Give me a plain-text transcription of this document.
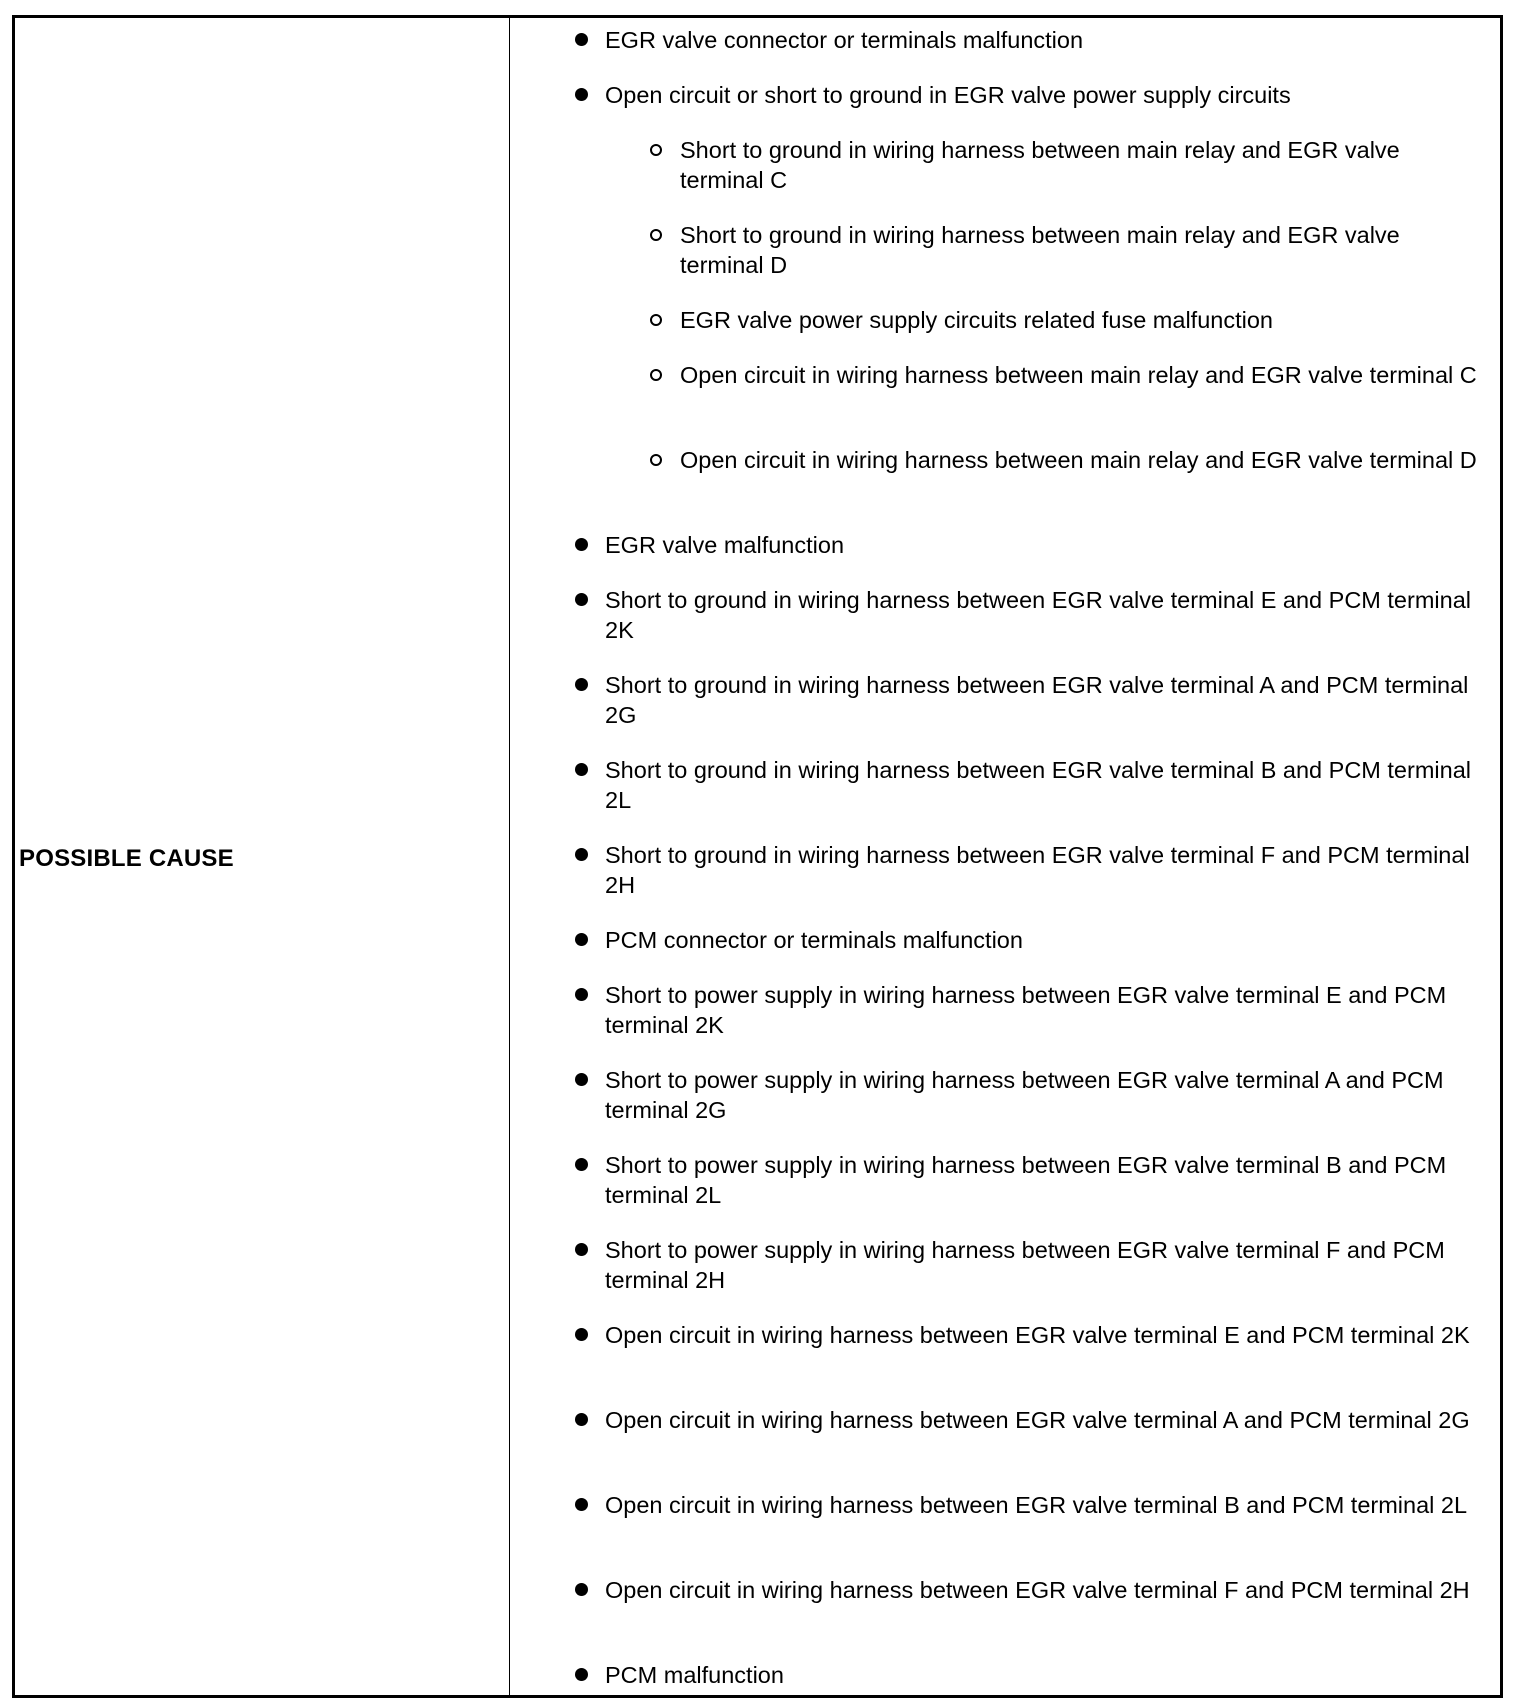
POSSIBLE CAUSE
EGR valve connector or terminals malfunction
Open circuit or short to ground in EGR valve power supply circuits
Short to ground in wiring harness between main relay and EGR valve terminal C
Short to ground in wiring harness between main relay and EGR valve terminal D
EGR valve power supply circuits related fuse malfunction
Open circuit in wiring harness between main relay and EGR valve terminal C
Open circuit in wiring harness between main relay and EGR valve terminal D
EGR valve malfunction
Short to ground in wiring harness between EGR valve terminal E and PCM terminal 2K
Short to ground in wiring harness between EGR valve terminal A and PCM terminal 2G
Short to ground in wiring harness between EGR valve terminal B and PCM terminal 2L
Short to ground in wiring harness between EGR valve terminal F and PCM terminal 2H
PCM connector or terminals malfunction
Short to power supply in wiring harness between EGR valve terminal E and PCM terminal 2K
Short to power supply in wiring harness between EGR valve terminal A and PCM terminal 2G
Short to power supply in wiring harness between EGR valve terminal B and PCM terminal 2L
Short to power supply in wiring harness between EGR valve terminal F and PCM terminal 2H
Open circuit in wiring harness between EGR valve terminal E and PCM terminal 2K
Open circuit in wiring harness between EGR valve terminal A and PCM terminal 2G
Open circuit in wiring harness between EGR valve terminal B and PCM terminal 2L
Open circuit in wiring harness between EGR valve terminal F and PCM terminal 2H
PCM malfunction
